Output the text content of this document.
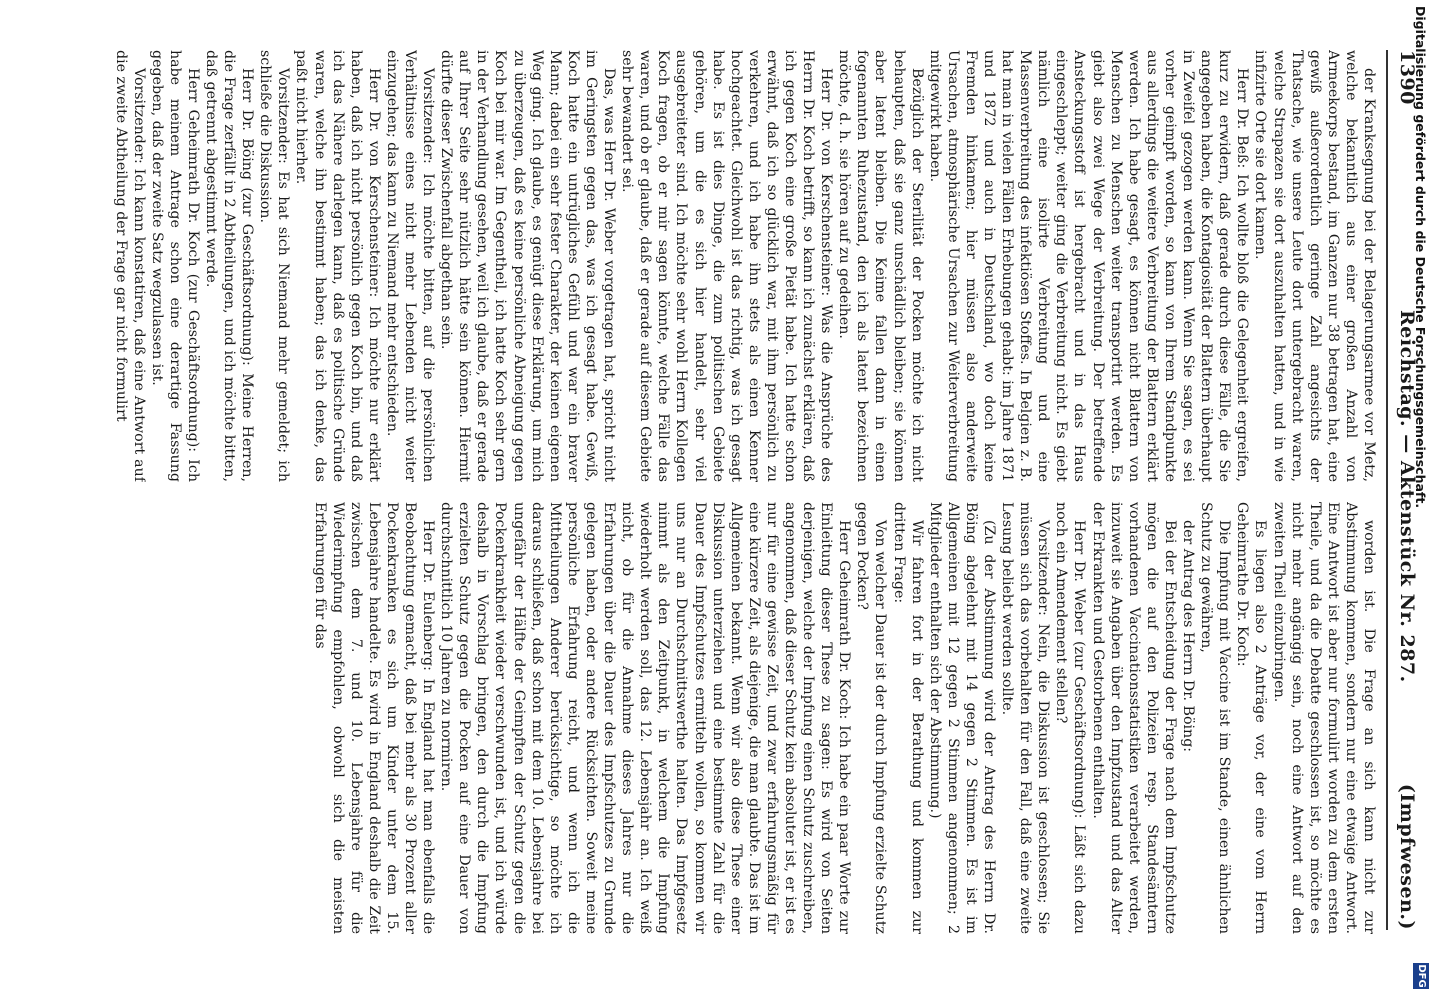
Digitalisierung gefördert durch die Deutsche Forschungsgemeinschaft.
DFG
1390
Reichstag. — Aktenstück Nr. 287.
(Impfwesen.)

der Kranksegnung bei der Belagerungsarmee vor Metz, welche bekanntlich aus einer großen Anzahl von Armeekorps bestand, im Ganzen nur 38 betragen hat, eine gewiß außerordentlich geringe Zahl angesichts der Thatsache, wie unsere Leute dort untergebracht waren, welche Strapazen sie dort auszuhalten hatten, und in wie infizirte Orte sie dort kamen.

Herr Dr. Beß: Ich wollte bloß die Gelegenheit ergreifen, kurz zu erwidern, daß gerade durch diese Fälle, die Sie angegeben haben, die Kontagiosität der Blattern überhaupt in Zweifel gezogen werden kann. Wenn Sie sagen, es sei vorher geimpft worden, so kann von Ihrem Standpunkte aus allerdings die weitere Verbreitung der Blattern erklärt werden. Ich habe gesagt, es können nicht Blattern von Menschen zu Menschen weiter transportirt werden. Es giebt also zwei Wege der Verbreitung. Der betreffende Ansteckungsstoff ist hergebracht und in das Haus eingeschleppt; weiter ging die Verbreitung nicht. Es giebt nämlich eine isolirte Verbreitung und eine Massenverbreitung des infektiösen Stoffes. In Belgien z. B. hat man in vielen Fällen Erhebungen gehabt: im Jahre 1871 und 1872 und auch in Deutschland, wo doch keine Fremden hinkamen; hier müssen also anderweite Ursachen, atmosphärische Ursachen zur Weiterverbreitung mitgewirkt haben.

Bezüglich der Sterilität der Pocken möchte ich nicht behaupten, daß sie ganz unschädlich bleiben; sie können aber latent bleiben. Die Keime fallen dann in einen fogenannten Ruhezustand, den ich als latent bezeichnen möchte, d. h. sie hören auf zu gedeihen.

Herr Dr. von Kerschensteiner: Was die Ansprüche des Herrn Dr. Koch betrifft, so kann ich zunächst erklären, daß ich gegen Koch eine große Pietät habe. Ich hatte schon erwähnt, daß ich so glücklich war, mit ihm persönlich zu verkehren, und ich habe ihn stets als einen Kenner hochgeachtet. Gleichwohl ist das richtig, was ich gesagt habe. Es ist dies Dinge, die zum politischen Gebiete gehören, um die es sich hier handelt, sehr viel ausgebreiteter sind. Ich möchte sehr wohl Herrn Kollegen Koch fragen, ob er mir sagen könnte, welche Fälle das waren, und ob er glaube, daß er gerade auf diesem Gebiete sehr bewandert sei.

Das, was Herr Dr. Weber vorgetragen hat, spricht nicht im Geringsten gegen das, was ich gesagt habe. Gewiß, Koch hatte ein untrügliches Gefühl und war ein braver Mann; dabei ein sehr fester Charakter, der keinen eigenen Weg ging. Ich glaube, es genügt diese Erklärung, um mich zu überzeugen, daß es keine persönliche Abneigung gegen Koch bei mir war. Im Gegentheil, ich hatte Koch sehr gern in der Verhandlung gesehen, weil ich glaube, daß er gerade auf Ihrer Seite sehr nützlich hätte sein können. Hiermit dürfte dieser Zwischenfall abgethan sein.

Vorsitzender: Ich möchte bitten, auf die persönlichen Verhältnisse eines nicht mehr Lebenden nicht weiter einzugehen; das kann zu Niemand mehr entschieden.

Herr Dr. von Kerschensteiner: Ich möchte nur erklärt haben, daß ich nicht persönlich gegen Koch bin, und daß ich das Nähere darlegen kann, daß es politische Gründe waren, welche ihn bestimmt haben; das ich denke, das paßt nicht hierher.

Vorsitzender: Es hat sich Niemand mehr gemeldet; ich schließe die Diskussion.

Herr Dr. Böing (zur Geschäftsordnung): Meine Herren, die Frage zerfällt in 2 Abtheilungen, und ich möchte bitten, daß getrennt abgestimmt werde.

Herr Geheimrath Dr. Koch (zur Geschäftsordnung): Ich habe meinem Antrage schon eine derartige Fassung gegeben, daß der zweite Satz wegzulassen ist.

Vorsitzender: Ich kann konstatiren, daß eine Antwort auf die zweite Abtheilung der Frage gar nicht formulirt

worden ist. Die Frage an sich kann nicht zur Abstimmung kommen, sondern nur eine etwaige Antwort. Eine Antwort ist aber nur formulirt worden zu dem ersten Theile, und da die Debatte geschlossen ist, so möchte es nicht mehr angängig sein, noch eine Antwort auf den zweiten Theil einzubringen.

Es liegen also 2 Anträge vor, der eine vom Herrn Geheimrathe Dr. Koch:

Die Impfung mit Vaccine ist im Stande, einen ähnlichen Schutz zu gewähren,

der Antrag des Herrn Dr. Böing:

Bei der Entscheidung der Frage nach dem Impfschutze mögen die auf den Polizeien resp. Standesämtern vorhandenen Vaccinationsstatistiken verarbeitet werden, inzuweit sie Angaben über den Impfzustand und das Alter der Erkrankten und Gestorbenen enthalten.

Herr Dr. Weber (zur Geschäftsordnung): Läßt sich dazu noch ein Amendement stellen?

Vorsitzender: Nein, die Diskussion ist geschlossen; Sie müssen sich das vorbehalten für den Fall, daß eine zweite Lesung beliebt werden sollte.

(Zu der Abstimmung wird der Antrag des Herrn Dr. Böing abgelehnt mit 14 gegen 2 Stimmen. Es ist im Allgemeinen mit 12 gegen 2 Stimmen angenommen; 2 Mitglieder enthalten sich der Abstimmung.)

Wir fahren fort in der Berathung und kommen zur dritten Frage:

Von welcher Dauer ist der durch Impfung erzielte Schutz gegen Pocken?

Herr Geheimrath Dr. Koch: Ich habe ein paar Worte zur Einleitung dieser These zu sagen: Es wird von Seiten derjenigen, welche der Impfung einen Schutz zuschreiben, angenommen, daß dieser Schutz kein absoluter ist, er ist es nur für eine gewisse Zeit, und zwar erfahrungsmäßig für eine kürzere Zeit, als diejenige, die man glaubte. Das ist im Allgemeinen bekannt. Wenn wir also diese These einer Diskussion unterziehen und eine bestimmte Zahl für die Dauer des Impfschutzes ermitteln wollen, so kommen wir uns nur an Durchschnittswerthe halten. Das Impfgesetz nimmt als den Zeitpunkt, in welchem die Impfung wiederholt werden soll, das 12. Lebensjahr an. Ich weiß nicht, ob für die Annahme dieses Jahres nur die Erfahrungen über die Dauer des Impfschutzes zu Grunde gelegen haben, oder andere Rücksichten. Soweit meine persönliche Erfahrung reicht, und wenn ich die Mittheilungen Anderer berücksichtige, so möchte ich daraus schließen, daß schon mit dem 10. Lebensjahre bei ungefähr der Hälfte der Geimpften der Schutz gegen die Pockenkrankheit wieder verschwunden ist, und ich würde deshalb in Vorschlag bringen, den durch die Impfung erzielten Schutz gegen die Pocken auf eine Dauer von durchschnittlich 10 Jahren zu normiren.

Herr Dr. Eulenberg: In England hat man ebenfalls die Beobachtung gemacht, daß bei mehr als 30 Prozent aller Pockenkranken es sich um Kinder unter dem 15. Lebensjahre handelte. Es wird in England deshalb die Zeit zwischen dem 7. und 10. Lebensjahre für die Wiederimpfung empfohlen, obwohl sich die meisten Erfahrungen für das
